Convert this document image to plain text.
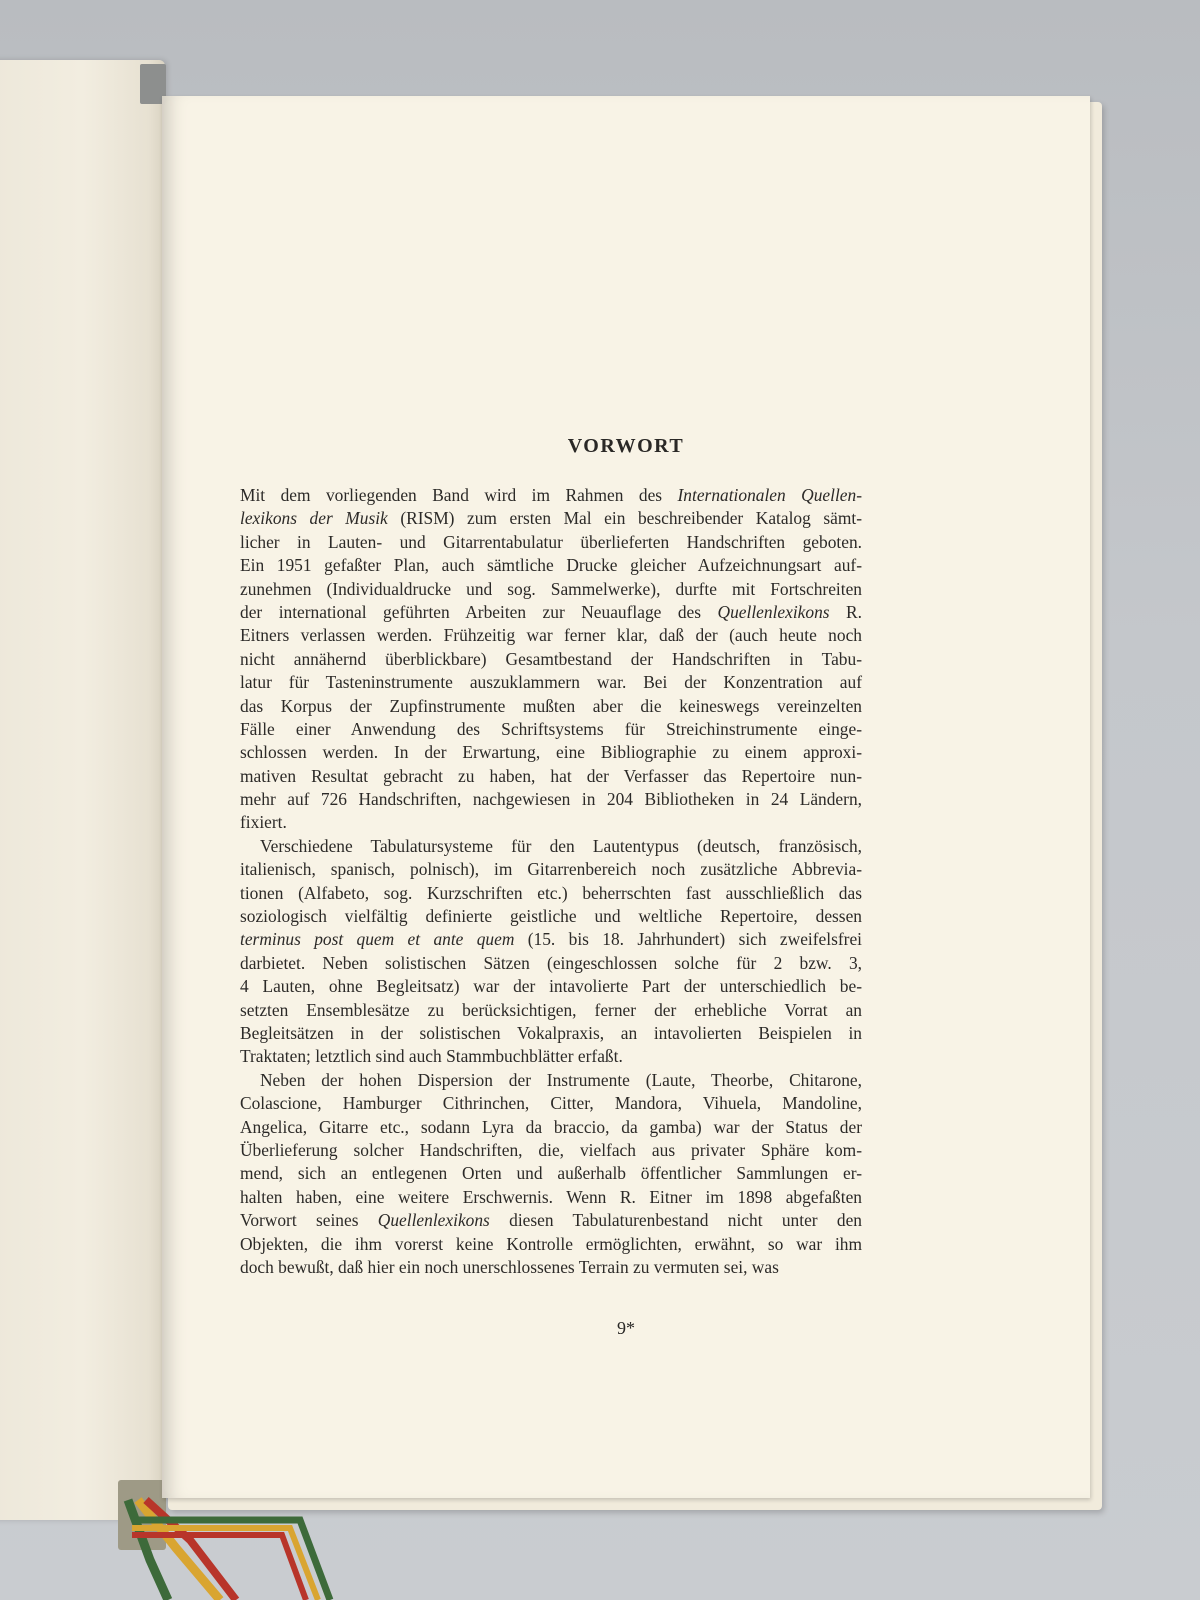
VORWORT
Mit dem vorliegenden Band wird im Rahmen des Internationalen Quellen-
lexikons der Musik (RISM) zum ersten Mal ein beschreibender Katalog sämt-
licher in Lauten- und Gitarrentabulatur überlieferten Handschriften geboten.
Ein 1951 gefaßter Plan, auch sämtliche Drucke gleicher Aufzeichnungsart auf-
zunehmen (Individualdrucke und sog. Sammelwerke), durfte mit Fortschreiten
der international geführten Arbeiten zur Neuauflage des Quellenlexikons R.
Eitners verlassen werden. Frühzeitig war ferner klar, daß der (auch heute noch
nicht annähernd überblickbare) Gesamtbestand der Handschriften in Tabu-
latur für Tasteninstrumente auszuklammern war. Bei der Konzentration auf
das Korpus der Zupfinstrumente mußten aber die keineswegs vereinzelten
Fälle einer Anwendung des Schriftsystems für Streichinstrumente einge-
schlossen werden. In der Erwartung, eine Bibliographie zu einem approxi-
mativen Resultat gebracht zu haben, hat der Verfasser das Repertoire nun-
mehr auf 726 Handschriften, nachgewiesen in 204 Bibliotheken in 24 Ländern,
fixiert.
Verschiedene Tabulatursysteme für den Lautentypus (deutsch, französisch,
italienisch, spanisch, polnisch), im Gitarrenbereich noch zusätzliche Abbrevia-
tionen (Alfabeto, sog. Kurzschriften etc.) beherrschten fast ausschließlich das
soziologisch vielfältig definierte geistliche und weltliche Repertoire, dessen
terminus post quem et ante quem (15. bis 18. Jahrhundert) sich zweifelsfrei
darbietet. Neben solistischen Sätzen (eingeschlossen solche für 2 bzw. 3,
4 Lauten, ohne Begleitsatz) war der intavolierte Part der unterschiedlich be-
setzten Ensemblesätze zu berücksichtigen, ferner der erhebliche Vorrat an
Begleitsätzen in der solistischen Vokalpraxis, an intavolierten Beispielen in
Traktaten; letztlich sind auch Stammbuchblätter erfaßt.
Neben der hohen Dispersion der Instrumente (Laute, Theorbe, Chitarone,
Colascione, Hamburger Cithrinchen, Citter, Mandora, Vihuela, Mandoline,
Angelica, Gitarre etc., sodann Lyra da braccio, da gamba) war der Status der
Überlieferung solcher Handschriften, die, vielfach aus privater Sphäre kom-
mend, sich an entlegenen Orten und außerhalb öffentlicher Sammlungen er-
halten haben, eine weitere Erschwernis. Wenn R. Eitner im 1898 abgefaßten
Vorwort seines Quellenlexikons diesen Tabulaturenbestand nicht unter den
Objekten, die ihm vorerst keine Kontrolle ermöglichten, erwähnt, so war ihm
doch bewußt, daß hier ein noch unerschlossenes Terrain zu vermuten sei, was
9*
